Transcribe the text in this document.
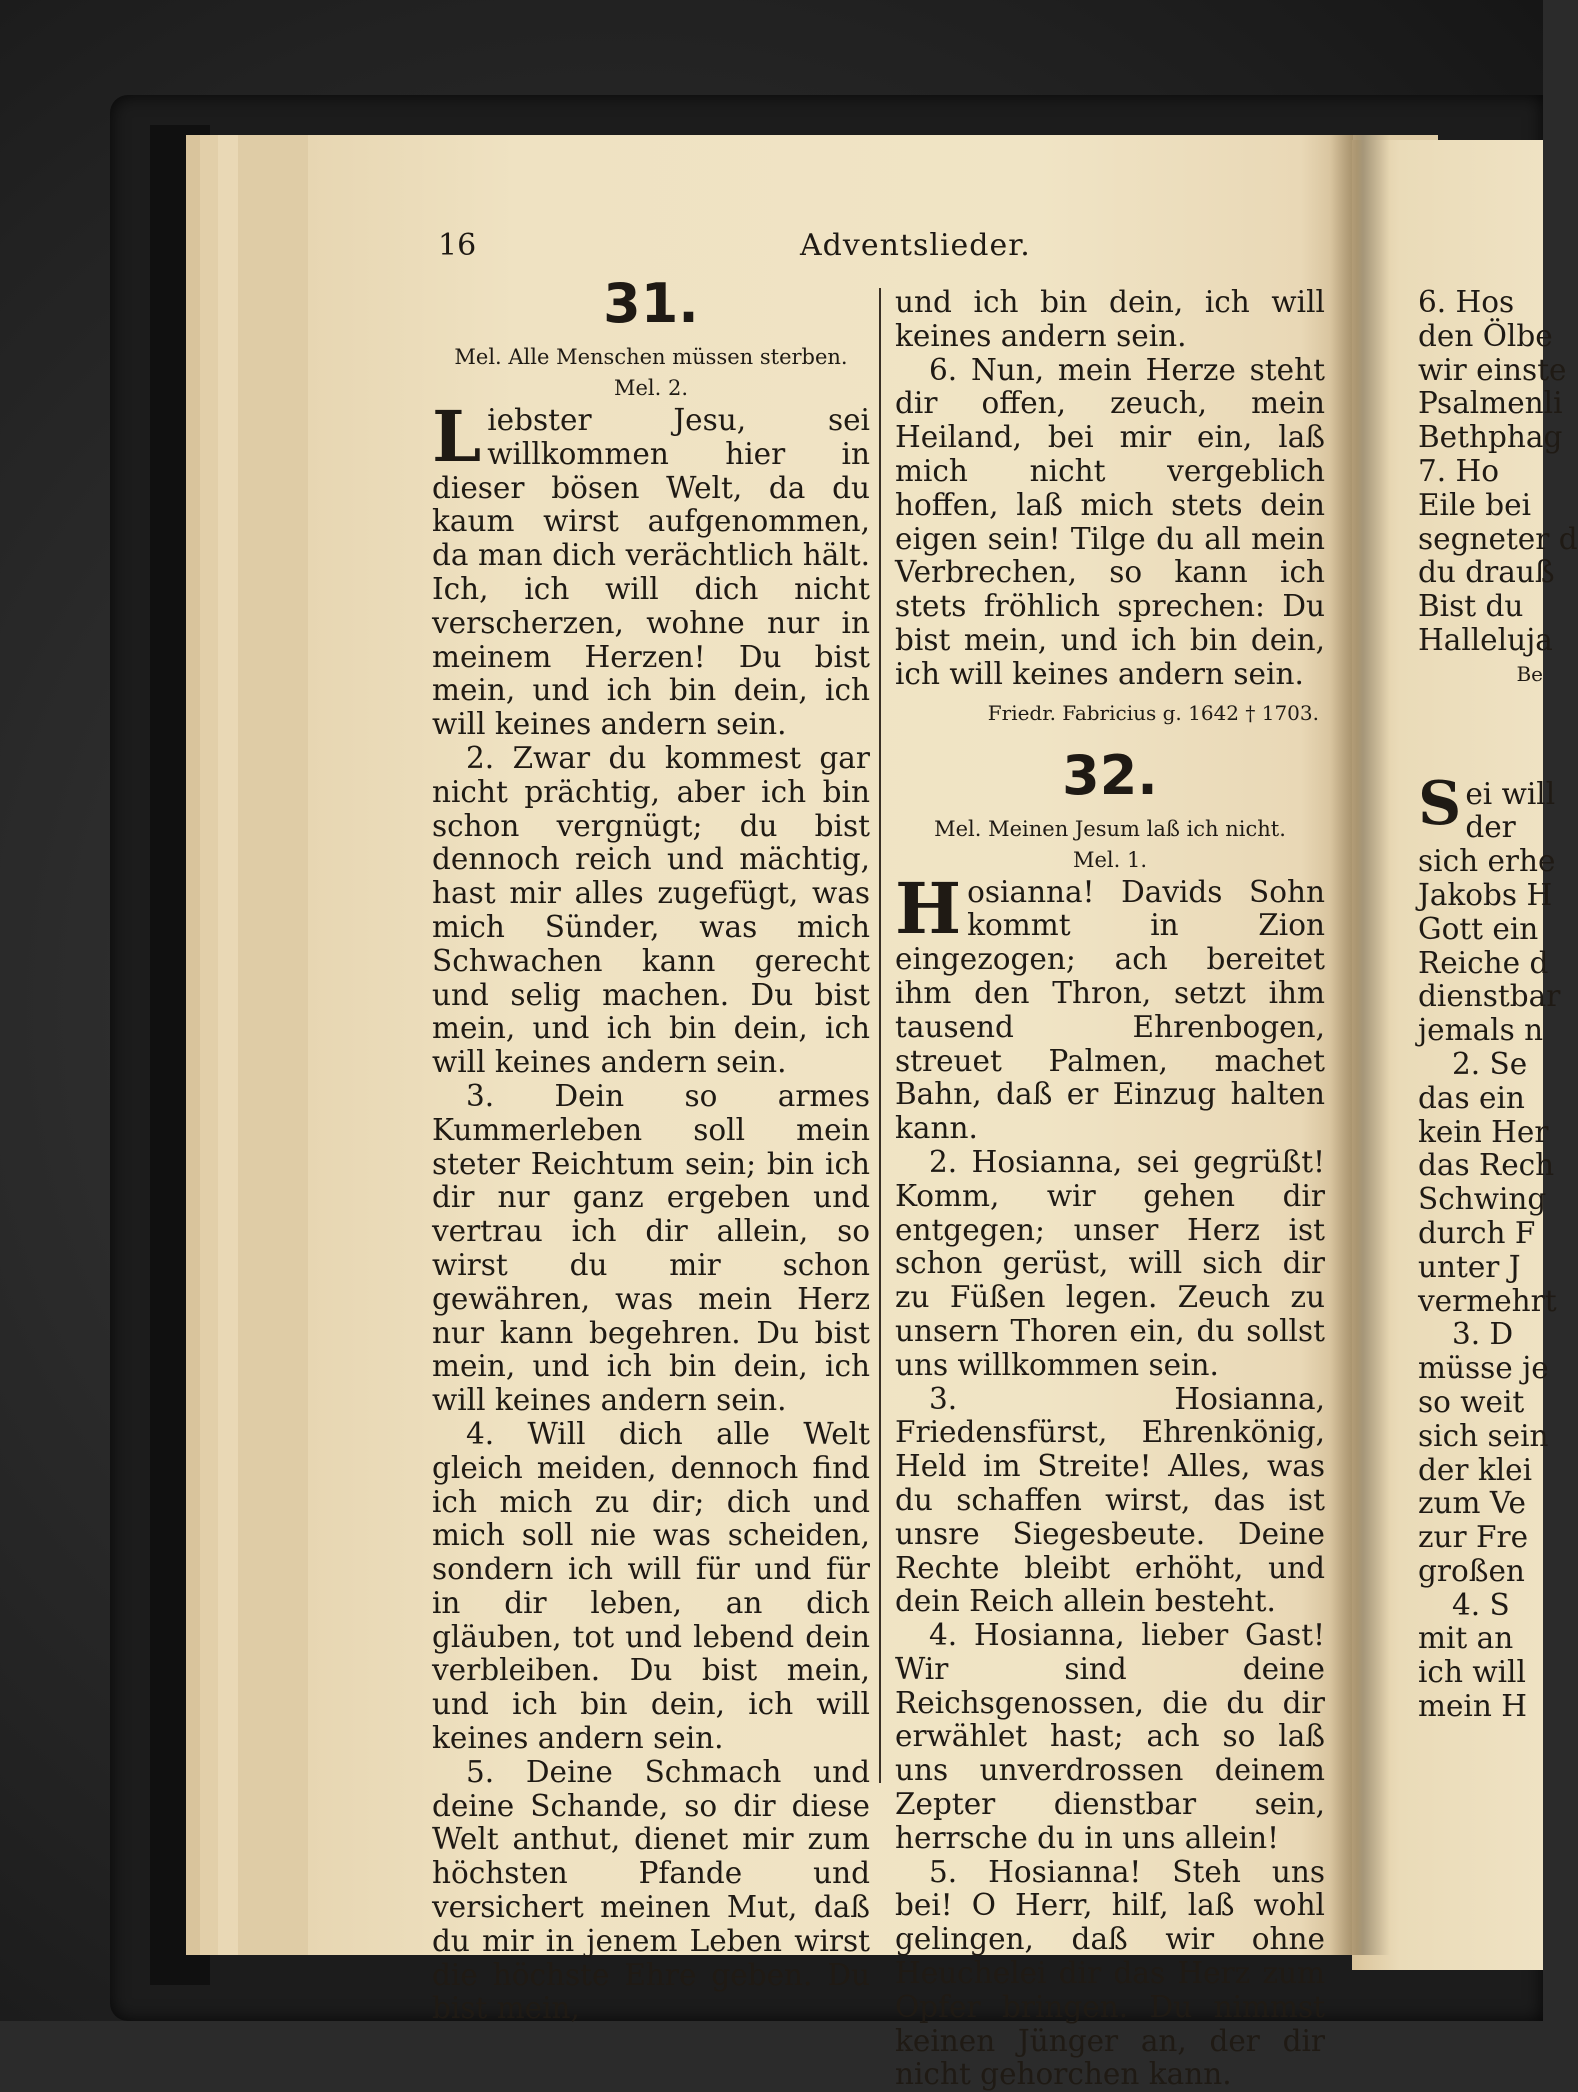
16	Adventslieder.
31.
Mel. Alle Menschen müssen sterben.
Mel. 2.

Liebster Jesu, sei willkommen hier in dieser bösen Welt, da du kaum wirst aufgenommen, da man dich verächtlich hält. Ich, ich will dich nicht verscherzen, wohne nur in meinem Herzen! Du bist mein, und ich bin dein, ich will keines andern sein.

2. Zwar du kommest gar nicht prächtig, aber ich bin schon vergnügt; du bist dennoch reich und mächtig, hast mir alles zugefügt, was mich Sünder, was mich Schwachen kann gerecht und selig machen. Du bist mein, und ich bin dein, ich will keines andern sein.

3. Dein so armes Kummerleben soll mein steter Reichtum sein; bin ich dir nur ganz ergeben und vertrau ich dir allein, so wirst du mir schon gewähren, was mein Herz nur kann begehren. Du bist mein, und ich bin dein, ich will keines andern sein.

4. Will dich alle Welt gleich meiden, dennoch find ich mich zu dir; dich und mich soll nie was scheiden, sondern ich will für und für in dir leben, an dich gläuben, tot und lebend dein verbleiben. Du bist mein, und ich bin dein, ich will keines andern sein.

5. Deine Schmach und deine Schande, so dir diese Welt anthut, dienet mir zum höchsten Pfande und versichert meinen Mut, daß du mir in jenem Leben wirst die höchste Ehre geben. Du bist mein,

und ich bin dein, ich will keines andern sein.

6. Nun, mein Herze steht dir offen, zeuch, mein Heiland, bei mir ein, laß mich nicht vergeblich hoffen, laß mich stets dein eigen sein! Tilge du all mein Verbrechen, so kann ich stets fröhlich sprechen: Du bist mein, und ich bin dein, ich will keines andern sein.

Friedr. Fabricius g. 1642 † 1703.
32.
Mel. Meinen Jesum laß ich nicht.
Mel. 1.

Hosianna! Davids Sohn kommt in Zion eingezogen; ach bereitet ihm den Thron, setzt ihm tausend Ehrenbogen, streuet Palmen, machet Bahn, daß er Einzug halten kann.

2. Hosianna, sei gegrüßt! Komm, wir gehen dir entgegen; unser Herz ist schon gerüst, will sich dir zu Füßen legen. Zeuch zu unsern Thoren ein, du sollst uns willkommen sein.

3. Hosianna, Friedensfürst, Ehrenkönig, Held im Streite! Alles, was du schaffen wirst, das ist unsre Siegesbeute. Deine Rechte bleibt erhöht, und dein Reich allein besteht.

4. Hosianna, lieber Gast! Wir sind deine Reichsgenossen, die du dir erwählet hast; ach so laß uns unverdrossen deinem Zepter dienstbar sein, herrsche du in uns allein!

5. Hosianna! Steh uns bei! O Herr, hilf, laß wohl gelingen, daß wir ohne Heuchelei dir das Herz zum Opfer bringen. Du nimmst keinen Jünger an, der dir nicht gehorchen kann.

6. Hos
den Ölbe
wir einste
Psalmenli
Bethphag
7. Ho
Eile bei
segneter d
du drauß
Bist du
Halleluja
Be
Sei will
der
sich erhe
Jakobs H
Gott ein
Reiche d
dienstbar
jemals n
2. Se
das ein
kein Her
das Rech
Schwing
durch F
unter J
vermehrt
3. D
müsse je
so weit
sich sein
der klei
zum Ve
zur Fre
großen
4. S
mit an
ich will
mein H
